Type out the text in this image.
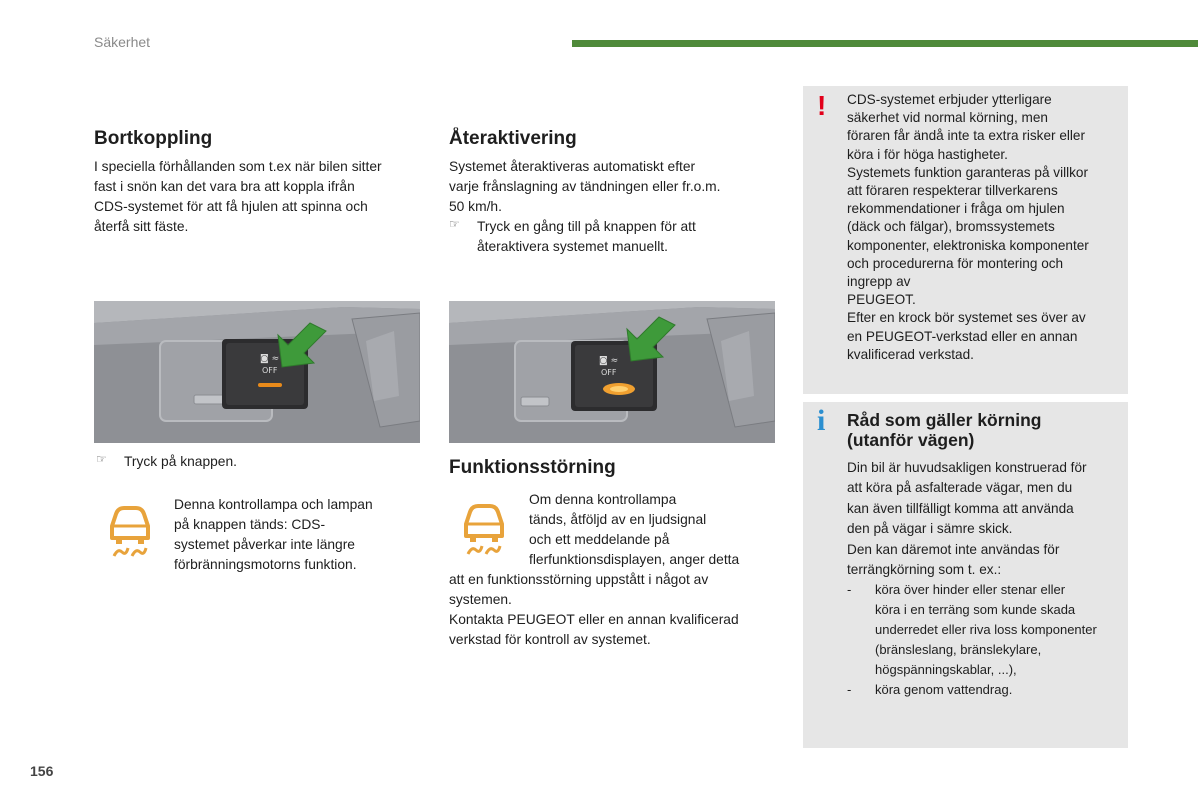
Säkerhet
Bortkoppling

I speciella förhållanden som t.ex när bilen sitter

fast i snön kan det vara bra att koppla ifrån

CDS-systemet för att få hjulen att spinna och

återfå sitt fäste.

◙ ≈
OFF
☞ Tryck på knappen.

Denna kontrollampa och lampan

på knappen tänds: CDS-

systemet påverkar inte längre

förbränningsmotorns funktion.

Återaktivering

Systemet återaktiveras automatiskt efter

varje frånslagning av tändningen eller fr.o.m.

50 km/h.

☞ Tryck en gång till på knappen för att

återaktivera systemet manuellt.

◙ ≈
OFF
Funktionsstörning

Om denna kontrollampa

tänds, åtföljd av en ljudsignal

och ett meddelande på

flerfunktionsdisplayen, anger detta

att en funktionsstörning uppstått i något av

systemen.

Kontakta PEUGEOT eller en annan kvalificerad

verkstad för kontroll av systemet.

! CDS-systemet erbjuder ytterligare

säkerhet vid normal körning, men

föraren får ändå inte ta extra risker eller

köra i för höga hastigheter.

Systemets funktion garanteras på villkor

att föraren respekterar tillverkarens

rekommendationer i fråga om hjulen

(däck och fälgar), bromssystemets

komponenter, elektroniska komponenter

och procedurerna för montering och

ingrepp av

PEUGEOT.

Efter en krock bör systemet ses över av

en PEUGEOT-verkstad eller en annan

kvalificerad verkstad.

i Råd som gäller körning
(utanför vägen)

Din bil är huvudsakligen konstruerad för

att köra på asfalterade vägar, men du

kan även tillfälligt komma att använda

den på vägar i sämre skick.

Den kan däremot inte användas för

terrängkörning som t. ex.:

-	köra över hinder eller stenar eller
köra i en terräng som kunde skada
underredet eller riva loss komponenter
(bränsleslang, bränslekylare,
högspänningskablar, ...),
-	köra genom vattendrag.
156
